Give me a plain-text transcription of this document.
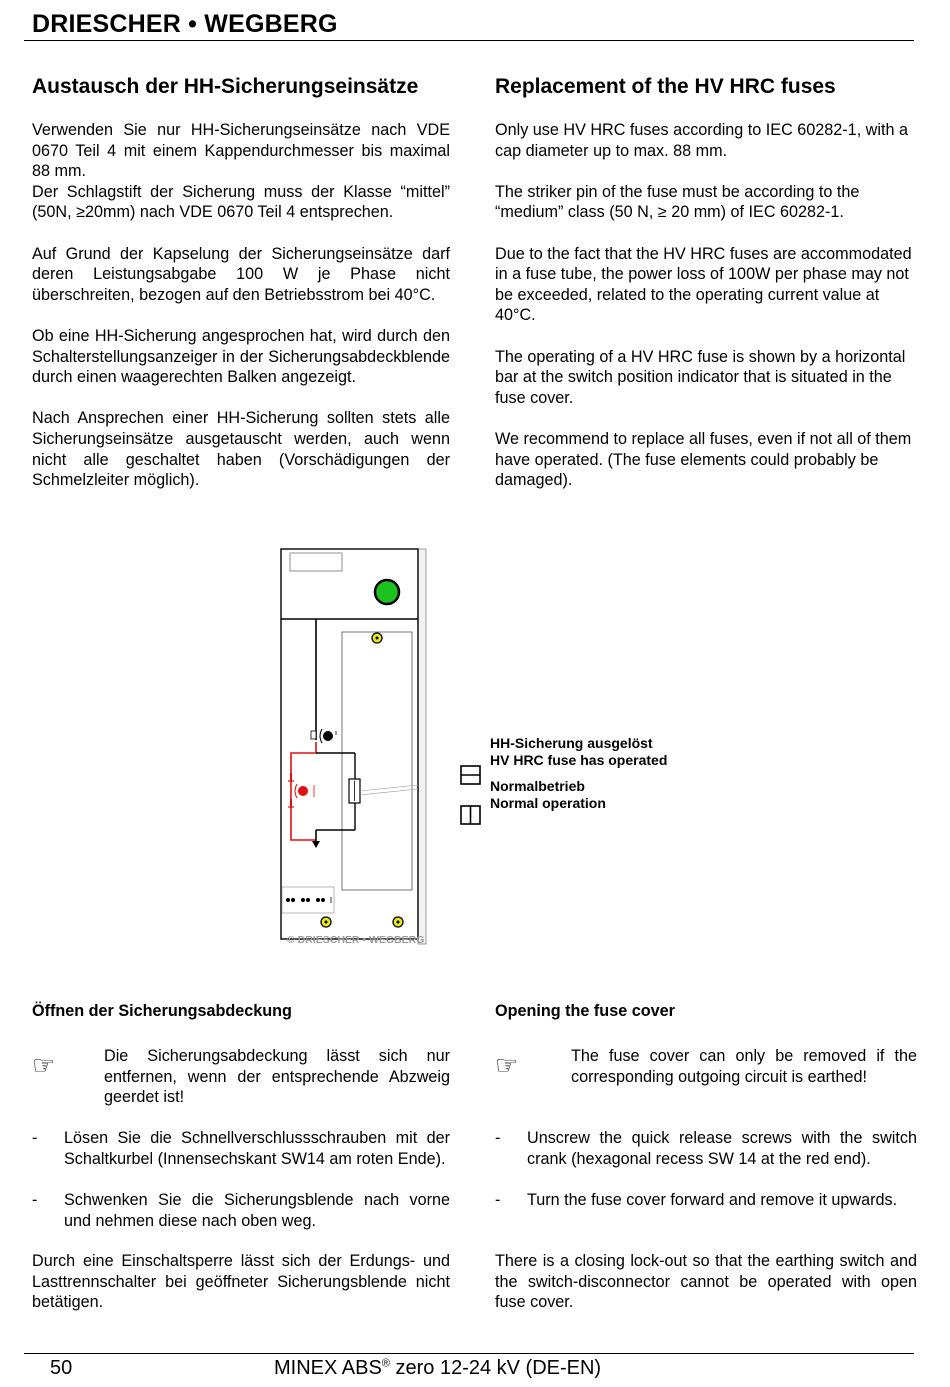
DRIESCHER • WEGBERG
Austausch der HH-Sicherungseinsätze	Replacement of the HV HRC fuses

Verwenden Sie nur HH-Sicherungseinsätze nach VDE 0670 Teil 4 mit einem Kappendurchmesser bis maximal 88 mm.

Der Schlagstift der Sicherung muss der Klasse “mittel” (50N, ≥20mm) nach VDE 0670 Teil 4 entsprechen.

Auf Grund der Kapselung der Sicherungseinsätze darf deren Leistungsabgabe 100 W je Phase nicht überschreiten, bezogen auf den Betriebsstrom bei 40°C.

Ob eine HH-Sicherung angesprochen hat, wird durch den Schalterstellungsanzeiger in der Sicherungsabdeckblende durch einen waagerechten Balken angezeigt.

Nach Ansprechen einer HH-Sicherung sollten stets alle Sicherungseinsätze ausgetauscht werden, auch wenn nicht alle geschaltet haben (Vorschädigungen der Schmelzleiter möglich).

Only use HV HRC fuses according to IEC 60282-1, with a cap diameter up to max. 88 mm.

The striker pin of the fuse must be according to the “medium” class (50 N, ≥ 20 mm) of IEC 60282-1.

Due to the fact that the HV HRC fuses are accommodated in a fuse tube, the power loss of 100W per phase may not be exceeded, related to the operating current value at 40°C.

The operating of a HV HRC fuse is shown by a horizontal bar at the switch position indicator that is situated in the fuse cover.

We recommend to replace all fuses, even if not all of them have operated. (The fuse elements could probably be damaged).

© DRIESCHER • WEGBERG
HH-Sicherung ausgelöst
HV HRC fuse has operated
Normalbetrieb
Normal operation
Öffnen der Sicherungsabdeckung	Opening the fuse cover
☞	Die Sicherungsabdeckung lässt sich nur entfernen, wenn der entsprechende Abzweig geerdet ist!
☞	The fuse cover can only be removed if the corresponding outgoing circuit is earthed!
- Lösen Sie die Schnellverschlussschrauben mit der Schaltkurbel (Innensechskant SW14 am roten Ende).
- Schwenken Sie die Sicherungsblende nach vorne und nehmen diese nach oben weg.
- Unscrew the quick release screws with the switch crank (hexagonal recess SW 14 at the red end).
- Turn the fuse cover forward and remove it upwards.
Durch eine Einschaltsperre lässt sich der Erdungs- und Lasttrennschalter bei geöffneter Sicherungsblende nicht betätigen.
There is a closing lock-out so that the earthing switch and the switch-disconnector cannot be operated with open fuse cover.
50	MINEX ABS® zero 12-24 kV (DE-EN)
